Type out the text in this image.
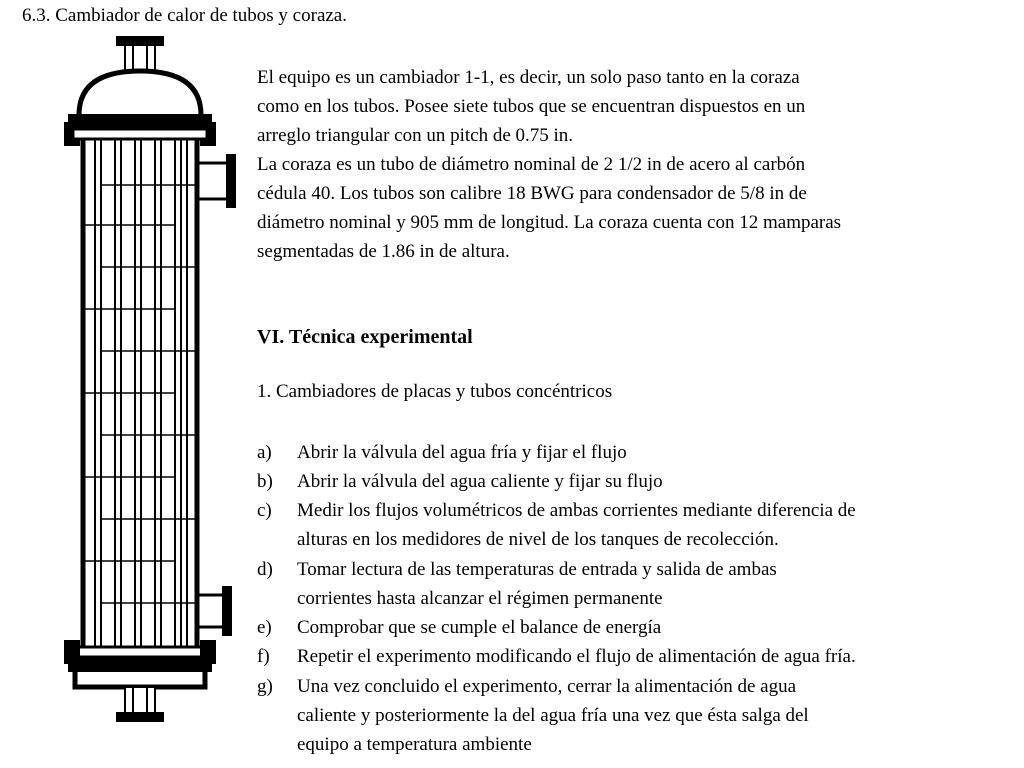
6.3. Cambiador de calor de tubos y coraza.
El equipo es un cambiador 1-1, es decir, un solo paso tanto en la coraza
como en los tubos. Posee siete tubos que se encuentran dispuestos en un
arreglo triangular con un pitch de 0.75 in.
La coraza es un tubo de diámetro nominal de 2 1/2 in de acero al carbón
cédula 40. Los tubos son calibre 18 BWG para condensador de 5/8 in de
diámetro nominal y 905 mm de longitud. La coraza cuenta con 12 mamparas
segmentadas de 1.86 in de altura.
VI. Técnica experimental
1. Cambiadores de placas y tubos concéntricos
a) Abrir la válvula del agua fría y fijar el flujo
b) Abrir la válvula del agua caliente y fijar su flujo
c) Medir los flujos volumétricos de ambas corrientes mediante diferencia de
alturas en los medidores de nivel de los tanques de recolección.
d) Tomar lectura de las temperaturas de entrada y salida de ambas
corrientes hasta alcanzar el régimen permanente
e) Comprobar que se cumple el balance de energía
f) Repetir el experimento modificando el flujo de alimentación de agua fría.
g) Una vez concluido el experimento, cerrar la alimentación de agua
caliente y posteriormente la del agua fría una vez que ésta salga del
equipo a temperatura ambiente
